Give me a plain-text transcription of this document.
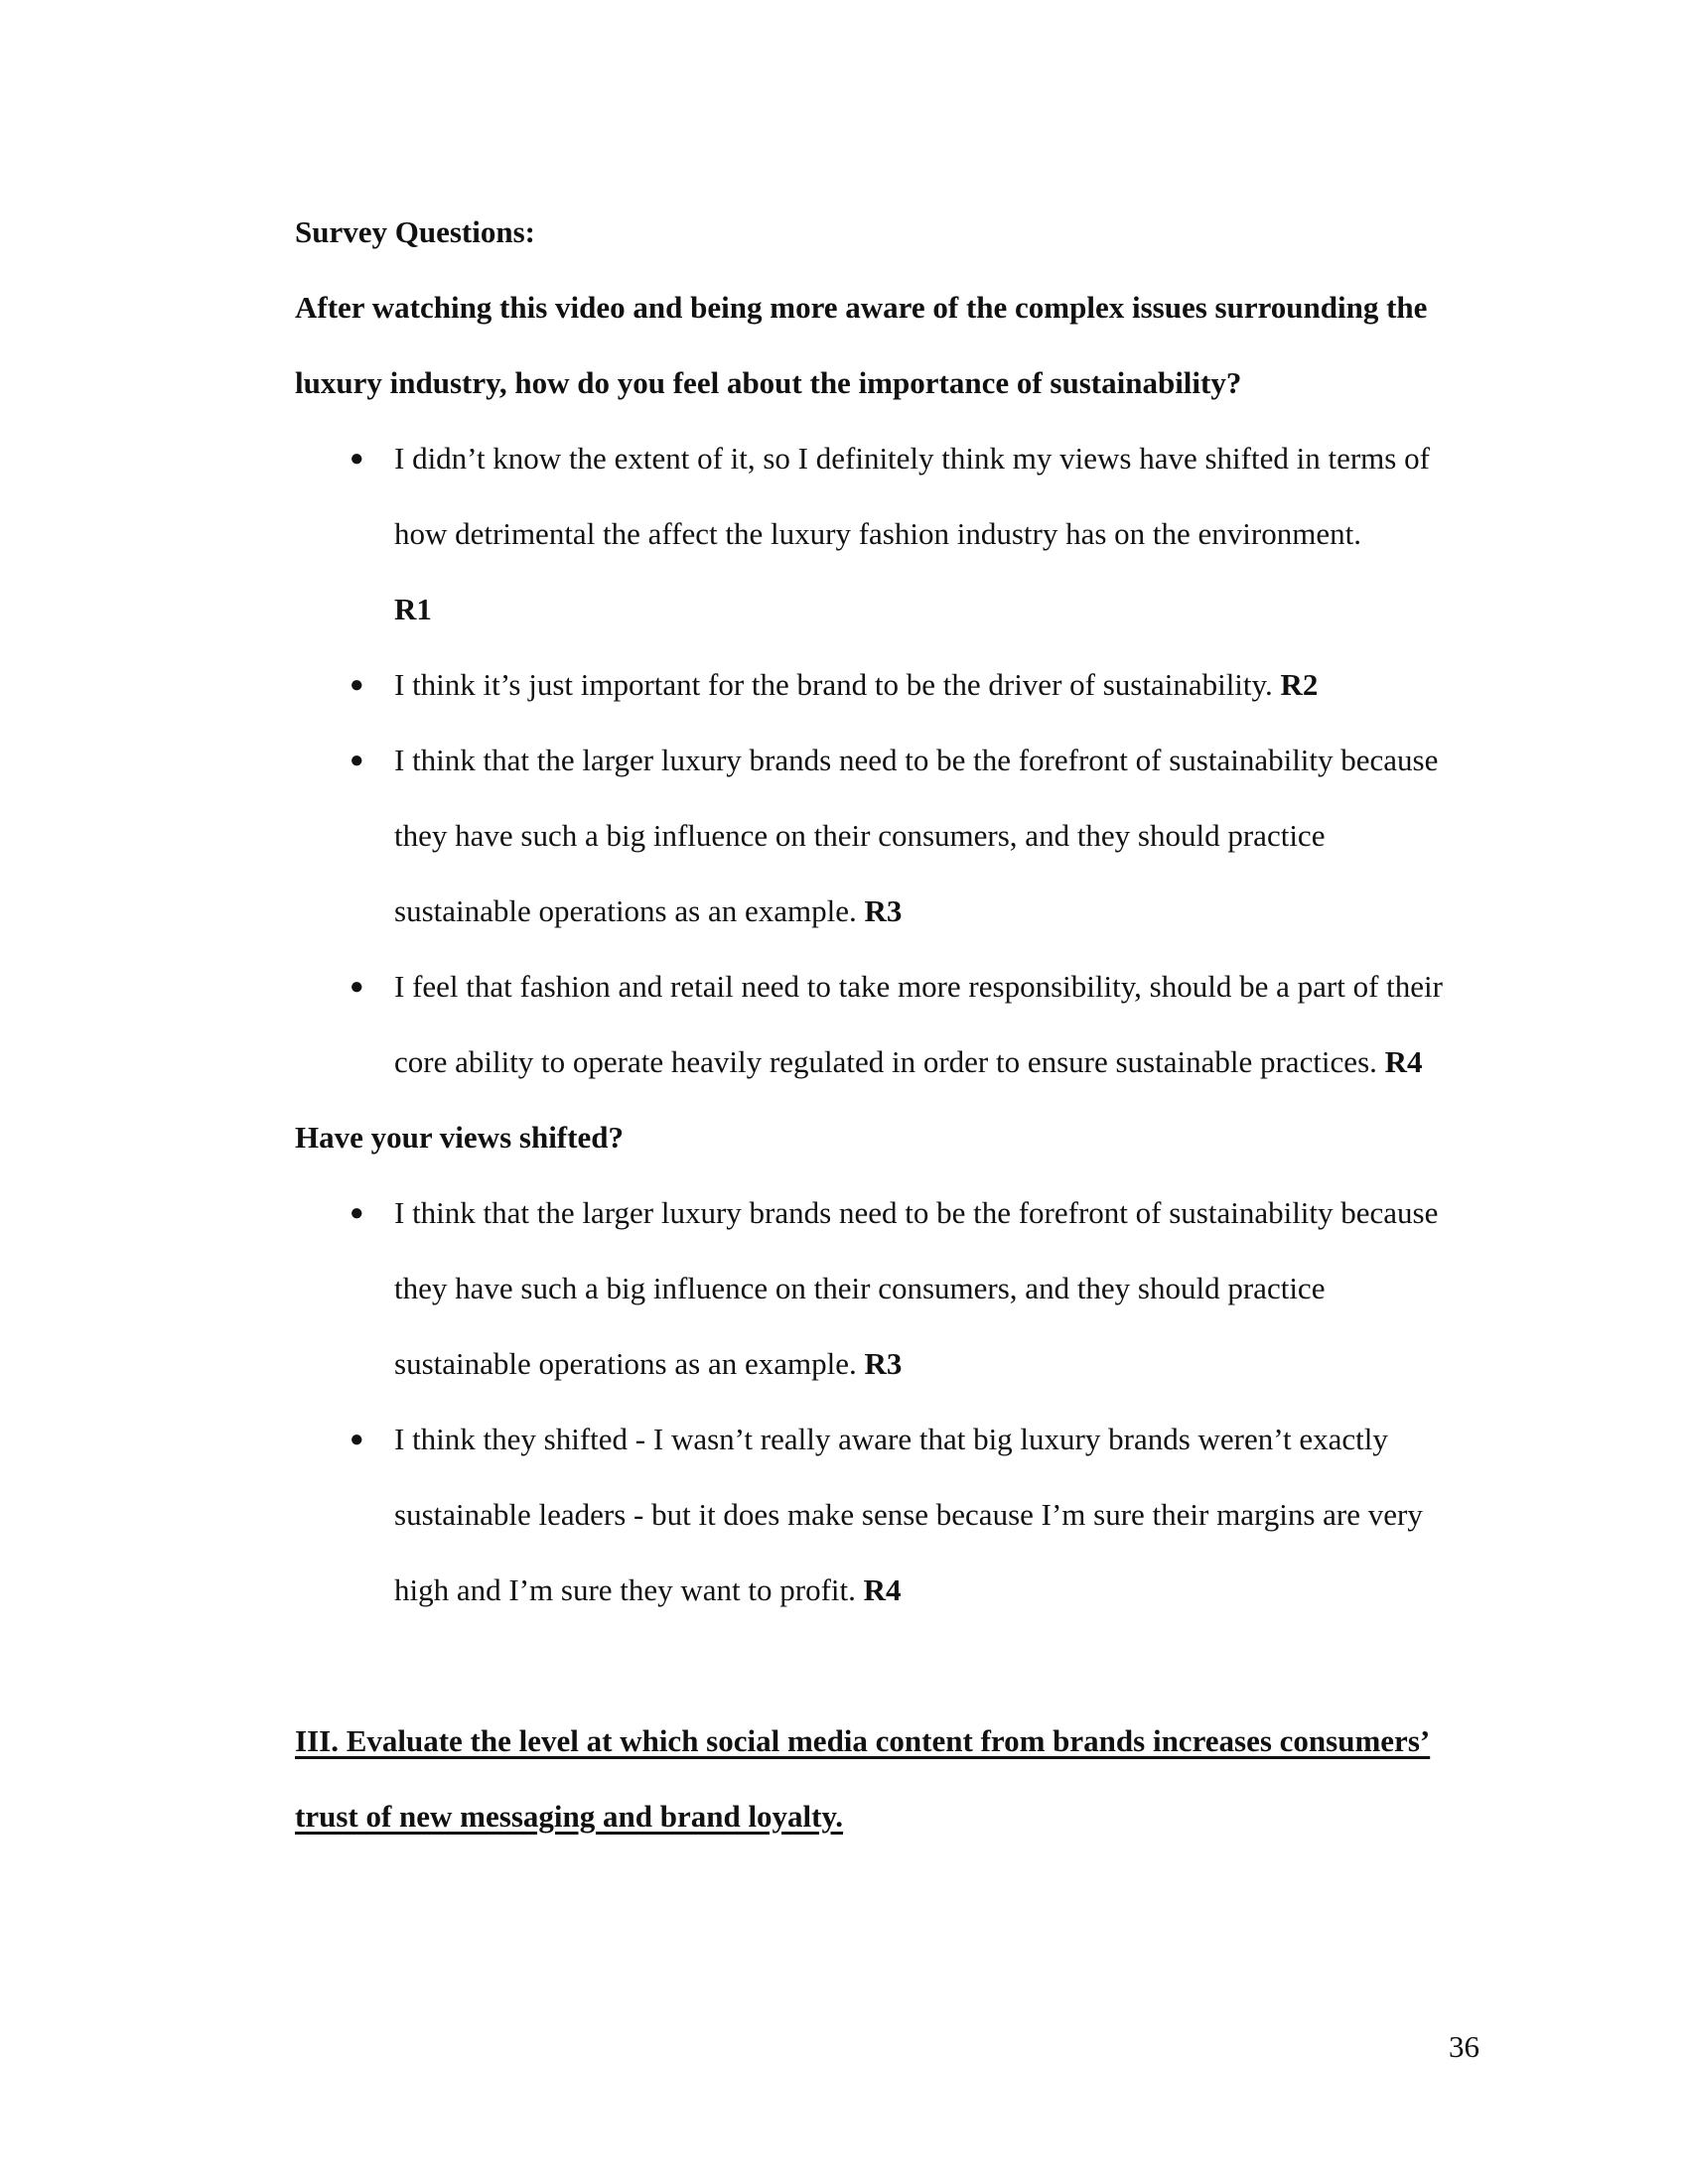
Survey Questions:

After watching this video and being more aware of the complex issues surrounding the luxury industry, how do you feel about the importance of sustainability?

● I didn’t know the extent of it, so I definitely think my views have shifted in terms of how detrimental the affect the luxury fashion industry has on the environment.
R1
● I think it’s just important for the brand to be the driver of sustainability. R2
● I think that the larger luxury brands need to be the forefront of sustainability because they have such a big influence on their consumers, and they should practice sustainable operations as an example. R3
● I feel that fashion and retail need to take more responsibility, should be a part of their core ability to operate heavily regulated in order to ensure sustainable practices. R4

Have your views shifted?

● I think that the larger luxury brands need to be the forefront of sustainability because they have such a big influence on their consumers, and they should practice sustainable operations as an example. R3
● I think they shifted - I wasn’t really aware that big luxury brands weren’t exactly sustainable leaders - but it does make sense because I’m sure their margins are very high and I’m sure they want to profit. R4

III. Evaluate the level at which social media content from brands increases consumers’ trust of new messaging and brand loyalty.

36
